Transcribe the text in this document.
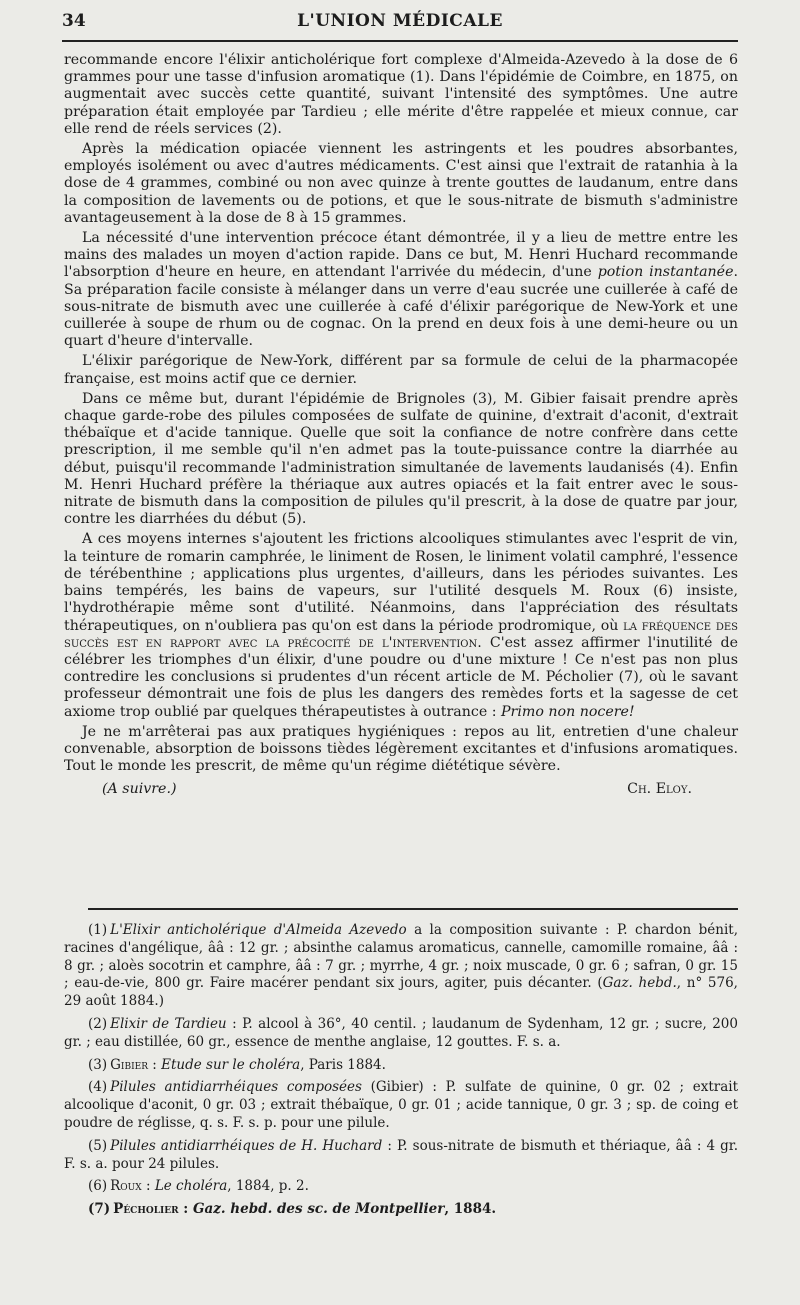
34	L'UNION MÉDICALE

recommande encore l'élixir anticholérique fort complexe d'Almeida-Azevedo à la dose de 6 grammes pour une tasse d'infusion aromatique (1). Dans l'épidémie de Coimbre, en 1875, on augmentait avec succès cette quantité, suivant l'intensité des symptômes. Une autre préparation était employée par Tardieu ; elle mérite d'être rappelée et mieux connue, car elle rend de réels services (2).

Après la médication opiacée viennent les astringents et les poudres absorbantes, employés isolément ou avec d'autres médicaments. C'est ainsi que l'extrait de ratanhia à la dose de 4 grammes, combiné ou non avec quinze à trente gouttes de laudanum, entre dans la composition de lavements ou de potions, et que le sous-nitrate de bismuth s'administre avantageusement à la dose de 8 à 15 grammes.

La nécessité d'une intervention précoce étant démontrée, il y a lieu de mettre entre les mains des malades un moyen d'action rapide. Dans ce but, M. Henri Huchard recommande l'absorption d'heure en heure, en attendant l'arrivée du médecin, d'une potion instantanée. Sa préparation facile consiste à mélanger dans un verre d'eau sucrée une cuillerée à café de sous-nitrate de bismuth avec une cuillerée à café d'élixir parégorique de New-York et une cuillerée à soupe de rhum ou de cognac. On la prend en deux fois à une demi-heure ou un quart d'heure d'intervalle.

L'élixir parégorique de New-York, différent par sa formule de celui de la pharmacopée française, est moins actif que ce dernier.

Dans ce même but, durant l'épidémie de Brignoles (3), M. Gibier faisait prendre après chaque garde-robe des pilules composées de sulfate de quinine, d'extrait d'aconit, d'extrait thébaïque et d'acide tannique. Quelle que soit la confiance de notre confrère dans cette prescription, il me semble qu'il n'en admet pas la toute-puissance contre la diarrhée au début, puisqu'il recommande l'administration simultanée de lavements laudanisés (4). Enfin M. Henri Huchard préfère la thériaque aux autres opiacés et la fait entrer avec le sous-nitrate de bismuth dans la composition de pilules qu'il prescrit, à la dose de quatre par jour, contre les diarrhées du début (5).

A ces moyens internes s'ajoutent les frictions alcooliques stimulantes avec l'esprit de vin, la teinture de romarin camphrée, le liniment de Rosen, le liniment volatil camphré, l'essence de térébenthine ; applications plus urgentes, d'ailleurs, dans les périodes suivantes. Les bains tempérés, les bains de vapeurs, sur l'utilité desquels M. Roux (6) insiste, l'hydrothérapie même sont d'utilité. Néanmoins, dans l'appréciation des résultats thérapeutiques, on n'oubliera pas qu'on est dans la période prodromique, où la fréquence des succès est en rapport avec la précocité de l'intervention. C'est assez affirmer l'inutilité de célébrer les triomphes d'un élixir, d'une poudre ou d'une mixture ! Ce n'est pas non plus contredire les conclusions si prudentes d'un récent article de M. Pécholier (7), où le savant professeur démontrait une fois de plus les dangers des remèdes forts et la sagesse de cet axiome trop oublié par quelques thérapeutistes à outrance : Primo non nocere!

Je ne m'arrêterai pas aux pratiques hygiéniques : repos au lit, entretien d'une chaleur convenable, absorption de boissons tièdes légèrement excitantes et d'infusions aromatiques. Tout le monde les prescrit, de même qu'un régime diététique sévère.

(A suivre.)	Ch. Eloy.

(1) L'Elixir anticholérique d'Almeida Azevedo a la composition suivante : P. chardon bénit, racines d'angélique, ââ : 12 gr. ; absinthe calamus aromaticus, cannelle, camomille romaine, ââ : 8 gr. ; aloès socotrin et camphre, ââ : 7 gr. ; myrrhe, 4 gr. ; noix muscade, 0 gr. 6 ; safran, 0 gr. 15 ; eau-de-vie, 800 gr. Faire macérer pendant six jours, agiter, puis décanter. (Gaz. hebd., n° 576, 29 août 1884.)

(2) Elixir de Tardieu : P. alcool à 36°, 40 centil. ; laudanum de Sydenham, 12 gr. ; sucre, 200 gr. ; eau distillée, 60 gr., essence de menthe anglaise, 12 gouttes. F. s. a.

(3) Gibier : Etude sur le choléra, Paris 1884.

(4) Pilules antidiarrhéiques composées (Gibier) : P. sulfate de quinine, 0 gr. 02 ; extrait alcoolique d'aconit, 0 gr. 03 ; extrait thébaïque, 0 gr. 01 ; acide tannique, 0 gr. 3 ; sp. de coing et poudre de réglisse, q. s. F. s. p. pour une pilule.

(5) Pilules antidiarrhéiques de H. Huchard : P. sous-nitrate de bismuth et thériaque, ââ : 4 gr. F. s. a. pour 24 pilules.

(6) Roux : Le choléra, 1884, p. 2.

(7) Pécholier : Gaz. hebd. des sc. de Montpellier, 1884.
